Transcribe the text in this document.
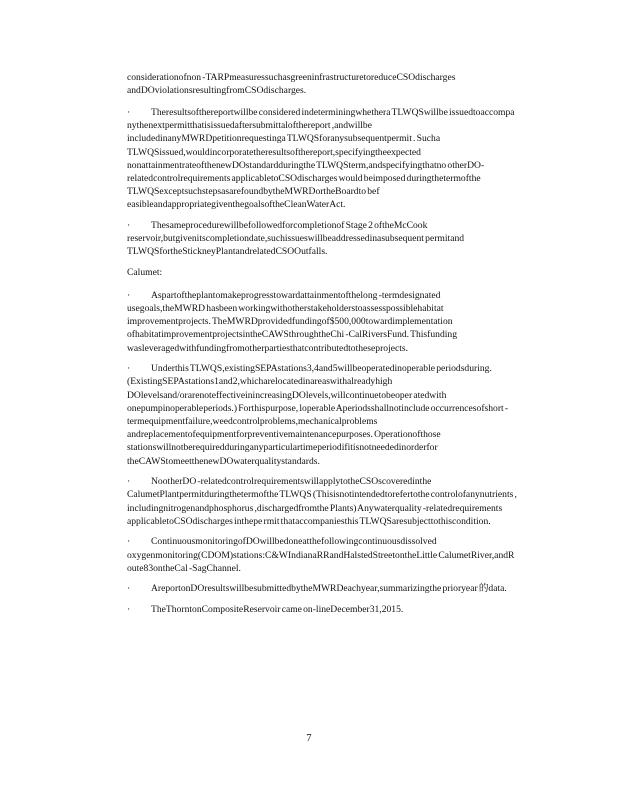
considerationofnon -TARPmeasuressuchasgreeninfrastructuretoreduceCSOdischarges andDOviolationsresultingfromCSOdischarges.

· Theresultsofthereportwillbe considered indeterminingwhethera TLWQSwillbe issuedtoaccompa nythenextpermitthatisissuedaftersubmittalofthereport ,andwillbe includedinanyMWRDpetitionrequestinga TLWQSforanysubsequentpermit . Sucha TLWQSissued,wouldincorporatetheresultsofthereport,specifyingtheexpected nonattainmentrateofthenewDOstandardduringthe TLWQSterm,andspecifyingthatno otherDO-relatedcontrolrequirements applicabletoCSOdischarges would beimposed duringthetermofthe TLWQSexceptsuchstepsasarefoundbytheMWRDortheBoardto bef easibleandappropriategiventhegoalsoftheCleanWaterAct.

· Thesameprocedurewillbefollowedforcompletionof Stage 2 oftheMcCook reservoir,butgivenitscompletiondate,suchissueswillbeaddressedinasubsequent permitand TLWQSfortheStickneyPlantandrelatedCSOOutfalls.

Calumet:

· Aspartoftheplantomakeprogresstowardattainmentofthelong -termdesignated usegoals,theMWRD hasbeen workingwithotherstakeholderstoassesspossiblehabitat improvementprojects. TheMWRDprovidedfundingof$500,000towardimplementation ofhabitatimprovementprojectsintheCAWSthroughtheChi -CalRiversFund. Thisfunding wasleveragedwithfundingfromotherpartiesthatcontributedtotheseprojects.

· Underthis TLWQS,existingSEPAstations3,4and5willbeoperatedinoperable periodsduring. (ExistingSEPAstations1and2,whicharelocatedinareaswithalreadyhigh DOlevelsand/orarenoteffectiveinincreasingDOlevels,willcontinuetobeoper atedwith onepumpinoperableperiods.) Forthispurpose, loperable Aperiodsshallnotinclude occurrencesofshort -termequipmentfailure,weedcontrolproblems,mechanicalproblems andreplacementofequipmentforpreventivemaintenancepurposes. Operationofthose stationswillnotberequiredduringanyparticulartimeperiodifitisnotneededinorderfor theCAWStomeetthenewDOwaterqualitystandards.

· NootherDO -relatedcontrolrequirementswillapplytotheCSOscoveredinthe CalumetPlantpermitduringthetermofthe TLWQS (Thisisnotintendedtorefertothe controlofanynutrients , includingnitrogenandphosphorus ,dischargedfromthe Plants) Anywaterquality -relatedrequirements applicabletoCSOdischarges inthepe rmit thataccompaniesthis TLWQSaresubjecttothiscondition.

· ContinuousmonitoringofDOwillbedoneatthefollowingcontinuousdissolved oxygenmonitoring(CDOM)stations:C&WIndianaRRandHalstedStreetontheLittle CalumetRiver,andR oute83ontheCal -SagChannel.

· AreportonDOresultswillbesubmittedbytheMWRDeachyear,summarizingthe prioryear 的data.

· TheThorntonCompositeReservoir came on-lineDecember31,2015.

7
